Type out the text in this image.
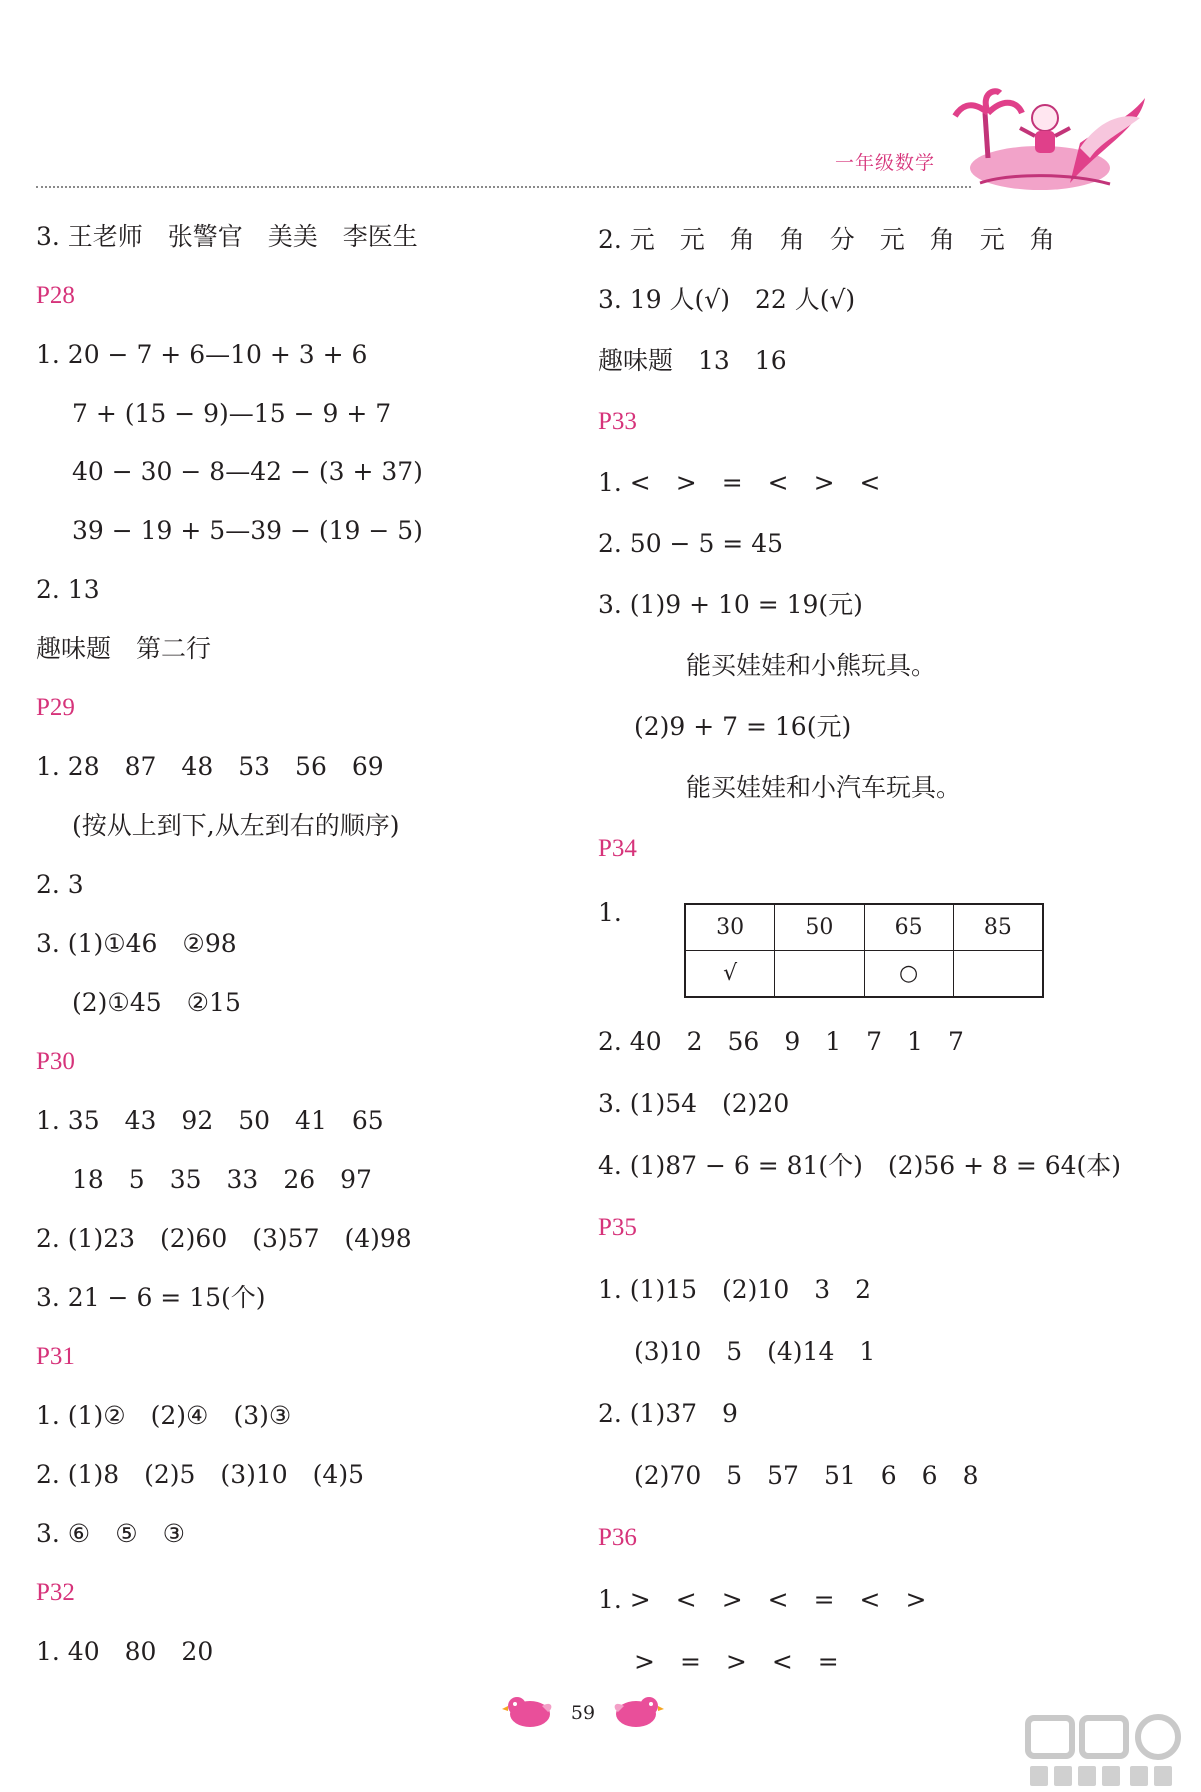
一年级数学
3. 王老师　张警官　美美　李医生
P28
1. 20 − 7 + 6—10 + 3 + 6
7 + (15 − 9)—15 − 9 + 7
40 − 30 − 8—42 − (3 + 37)
39 − 19 + 5—39 − (19 − 5)
2. 13
趣味题　第二行
P29
1. 28　87　48　53　56　69
(按从上到下,从左到右的顺序)
2. 3
3. (1)①46　②98
(2)①45　②15
P30
1. 35　43　92　50　41　65
18　5　35　33　26　97
2. (1)23　(2)60　(3)57　(4)98
3. 21 − 6 = 15(个)
P31
1. (1)②　(2)④　(3)③
2. (1)8　(2)5　(3)10　(4)5
3. ⑥　⑤　③
P32
1. 40　80　20
2. 元　元　角　角　分　元　角　元　角
3. 19 人(√)　22 人(√)
趣味题　13　16
P33
1. <　>　=　<　>　<
2. 50 − 5 = 45
3. (1)9 + 10 = 19(元)
能买娃娃和小熊玩具。
(2)9 + 7 = 16(元)
能买娃娃和小汽车玩具。
P34
1.
30	50	65	85
√		○	
2. 40　2　56　9　1　7　1　7
3. (1)54　(2)20
4. (1)87 − 6 = 81(个)　(2)56 + 8 = 64(本)
P35
1. (1)15　(2)10　3　2
(3)10　5　(4)14　1
2. (1)37　9
(2)70　5　57　51　6　6　8
P36
1. >　<　>　<　=　<　>
>　=　>　<　=
59
